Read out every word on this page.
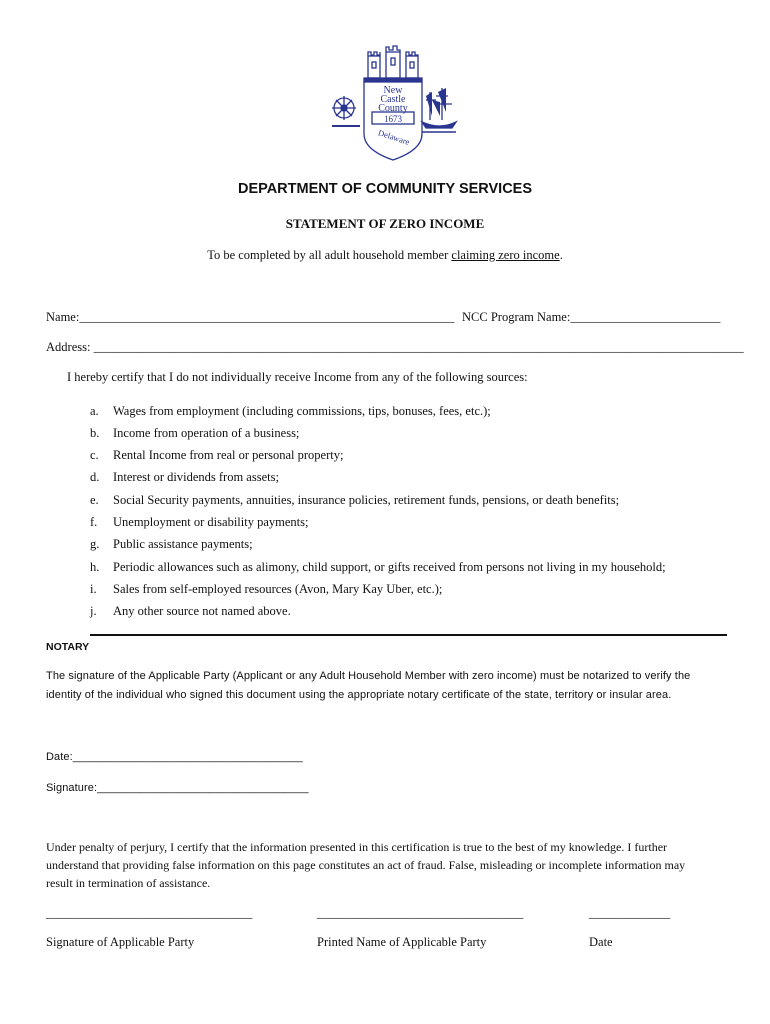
New
Castle
County
1673
Delaware
DEPARTMENT OF COMMUNITY SERVICES
STATEMENT OF ZERO INCOME
To be completed by all adult household member claiming zero income.
Name:____________________________________________________________ NCC Program Name:________________________
Address: ________________________________________________________________________________________________________
I hereby certify that I do not individually receive Income from any of the following sources:
a. Wages from employment (including commissions, tips, bonuses, fees, etc.);
b. Income from operation of a business;
c. Rental Income from real or personal property;
d. Interest or dividends from assets;
e. Social Security payments, annuities, insurance policies, retirement funds, pensions, or death benefits;
f. Unemployment or disability payments;
g. Public assistance payments;
h. Periodic allowances such as alimony, child support, or gifts received from persons not living in my household;
i. Sales from self-employed resources (Avon, Mary Kay Uber, etc.);
j. Any other source not named above.
NOTARY
The signature of the Applicable Party (Applicant or any Adult Household Member with zero income) must be notarized to verify the
identity of the individual who signed this document using the appropriate notary certificate of the state, territory or insular area.
Date:_____________________________________
Signature:__________________________________
Under penalty of perjury, I certify that the information presented in this certification is true to the best of my knowledge. I further
understand that providing false information on this page constitutes an act of fraud. False, misleading or incomplete information may
result in termination of assistance.
_________________________________	_________________________________	_____________
Signature of Applicable Party	Printed Name of Applicable Party	Date
